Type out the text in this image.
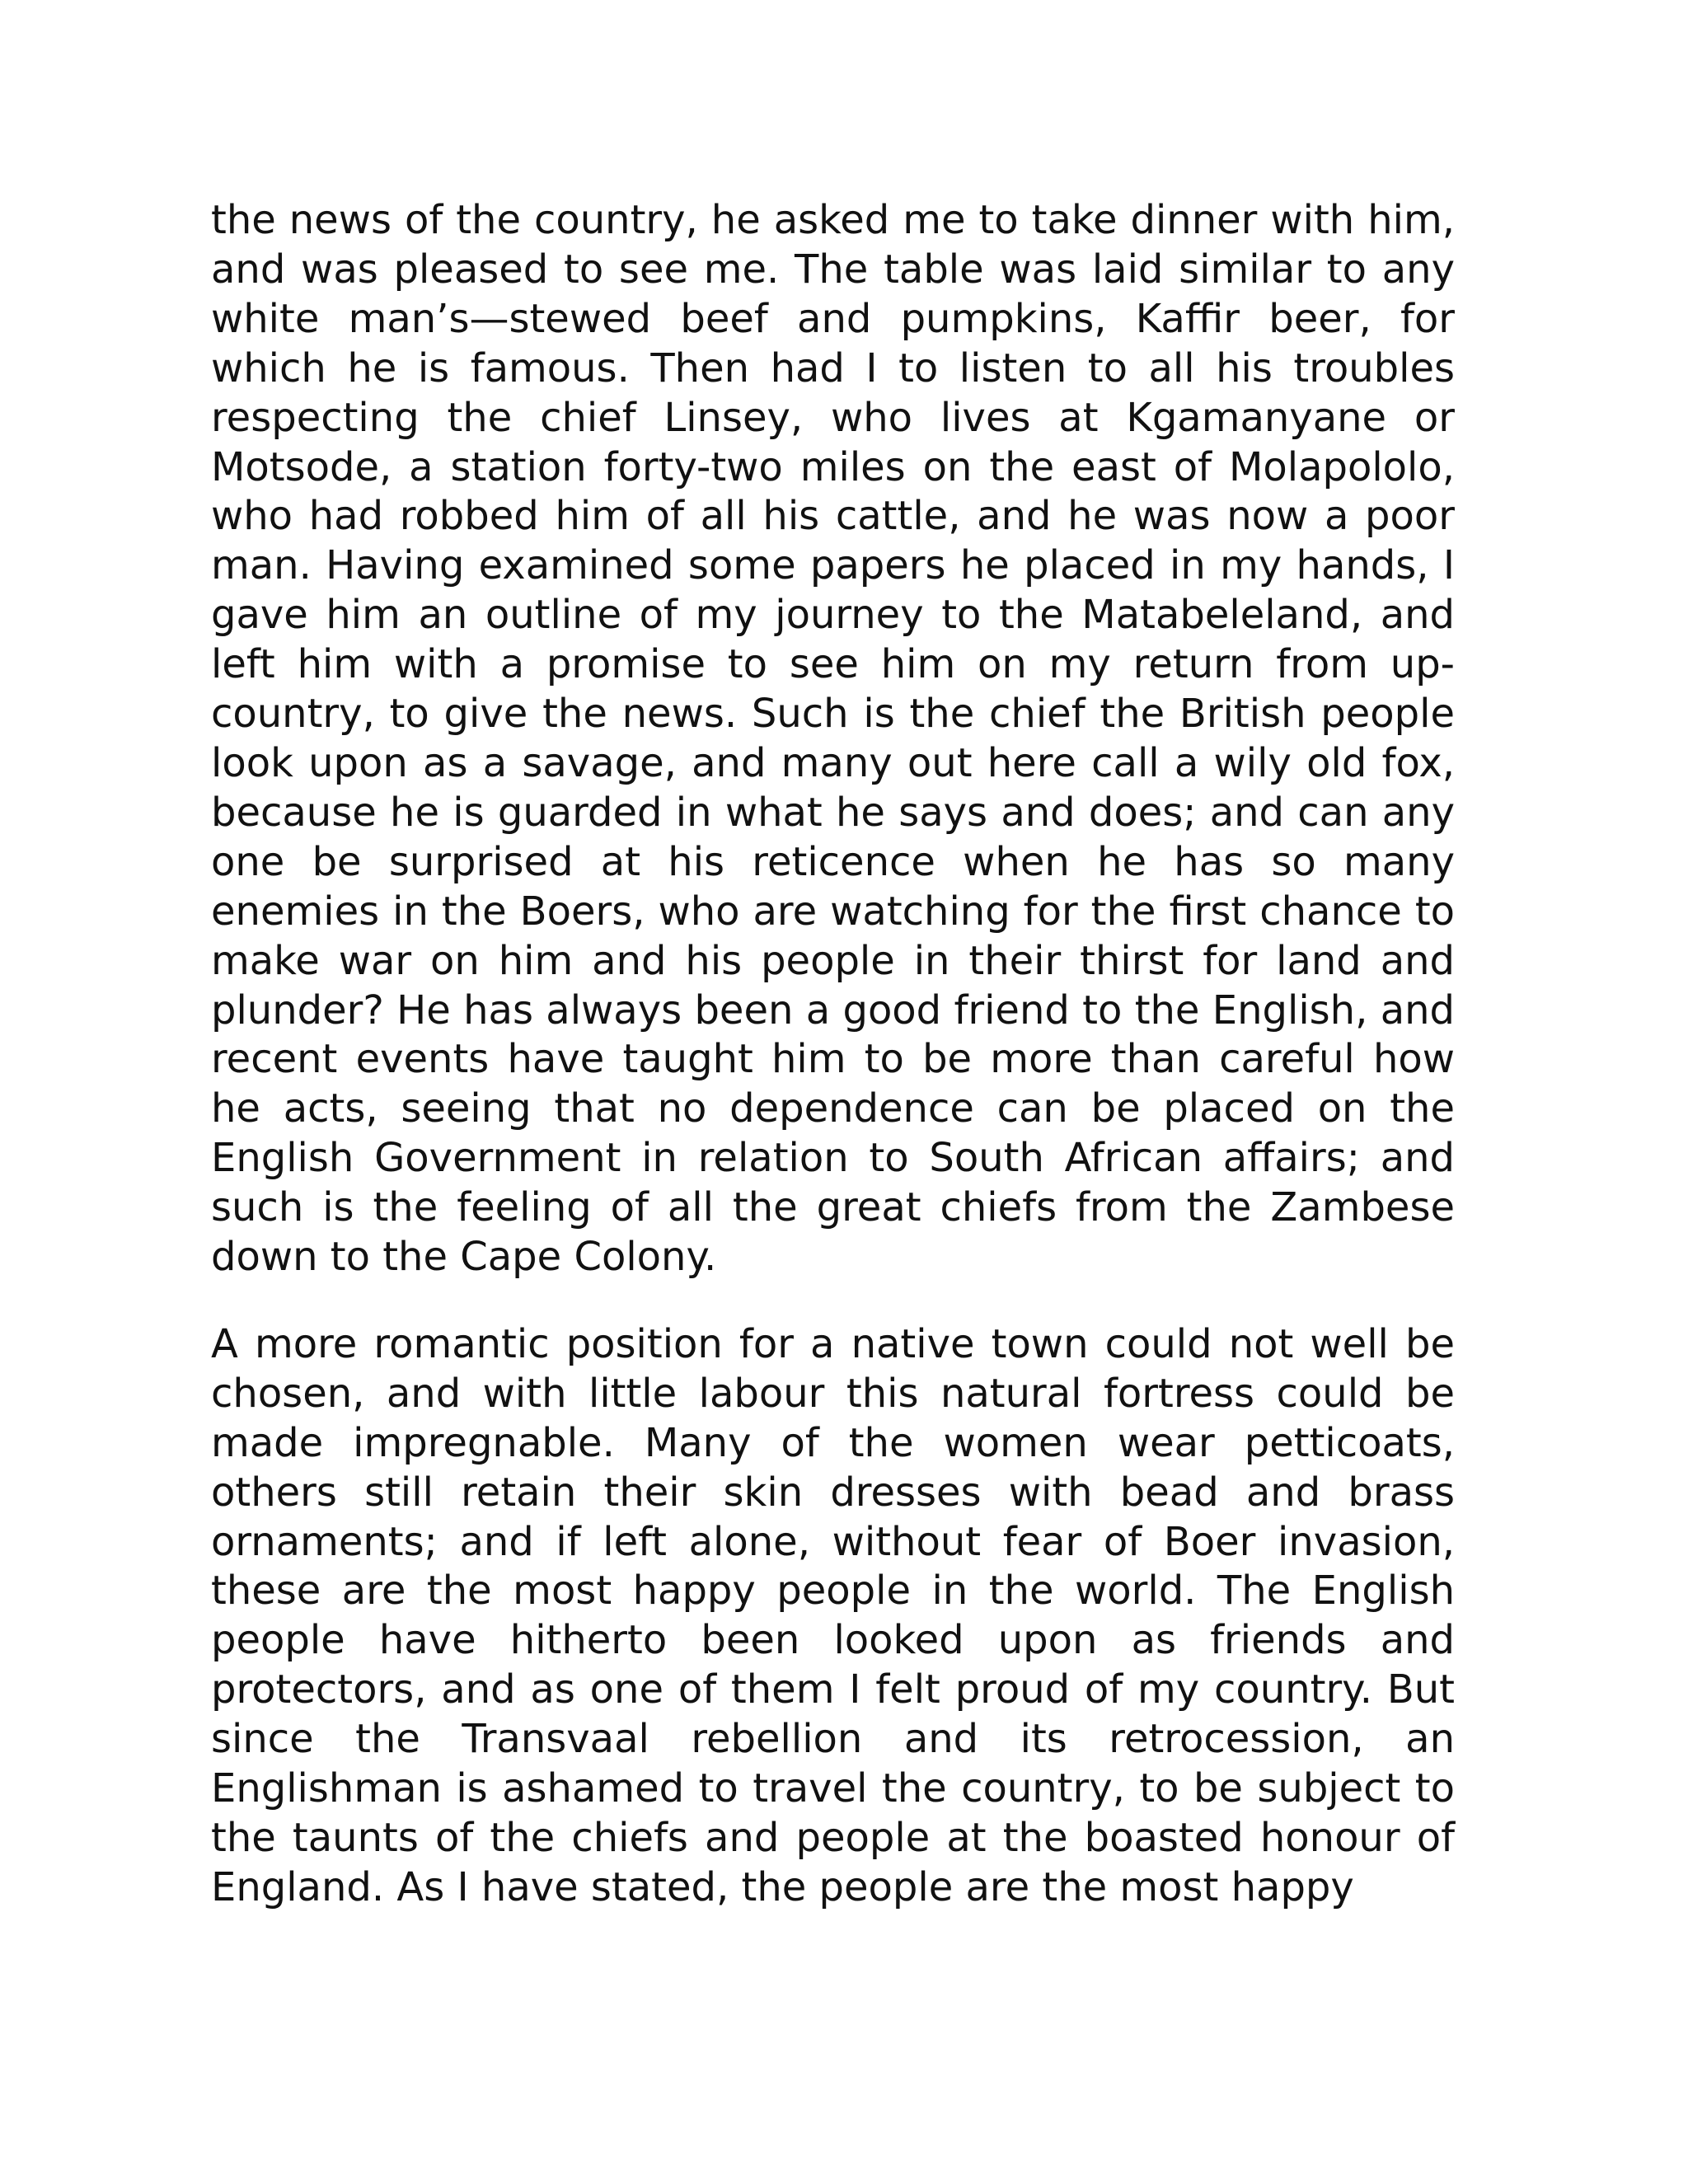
the news of the country, he asked me to take dinner with him, and was pleased to see me. The table was laid similar to any white man’s—stewed beef and pumpkins, Kaffir beer, for which he is famous. Then had I to listen to all his troubles respecting the chief Linsey, who lives at Kgamanyane or Motsode, a station forty-two miles on the east of Molapololo, who had robbed him of all his cattle, and he was now a poor man. Having examined some papers he placed in my hands, I gave him an outline of my journey to the Matabeleland, and left him with a promise to see him on my return from up-country, to give the news. Such is the chief the British people look upon as a savage, and many out here call a wily old fox, because he is guarded in what he says and does; and can any one be surprised at his reticence when he has so many enemies in the Boers, who are watching for the first chance to make war on him and his people in their thirst for land and plunder? He has always been a good friend to the English, and recent events have taught him to be more than careful how he acts, seeing that no dependence can be placed on the English Government in relation to South African affairs; and such is the feeling of all the great chiefs from the Zambese down to the Cape Colony.

A more romantic position for a native town could not well be chosen, and with little labour this natural fortress could be made impregnable. Many of the women wear petticoats, others still retain their skin dresses with bead and brass ornaments; and if left alone, without fear of Boer invasion, these are the most happy people in the world. The English people have hitherto been looked upon as friends and protectors, and as one of them I felt proud of my country. But since the Transvaal rebellion and its retrocession, an Englishman is ashamed to travel the country, to be subject to the taunts of the chiefs and people at the boasted honour of England. As I have stated, the people are the most happy
